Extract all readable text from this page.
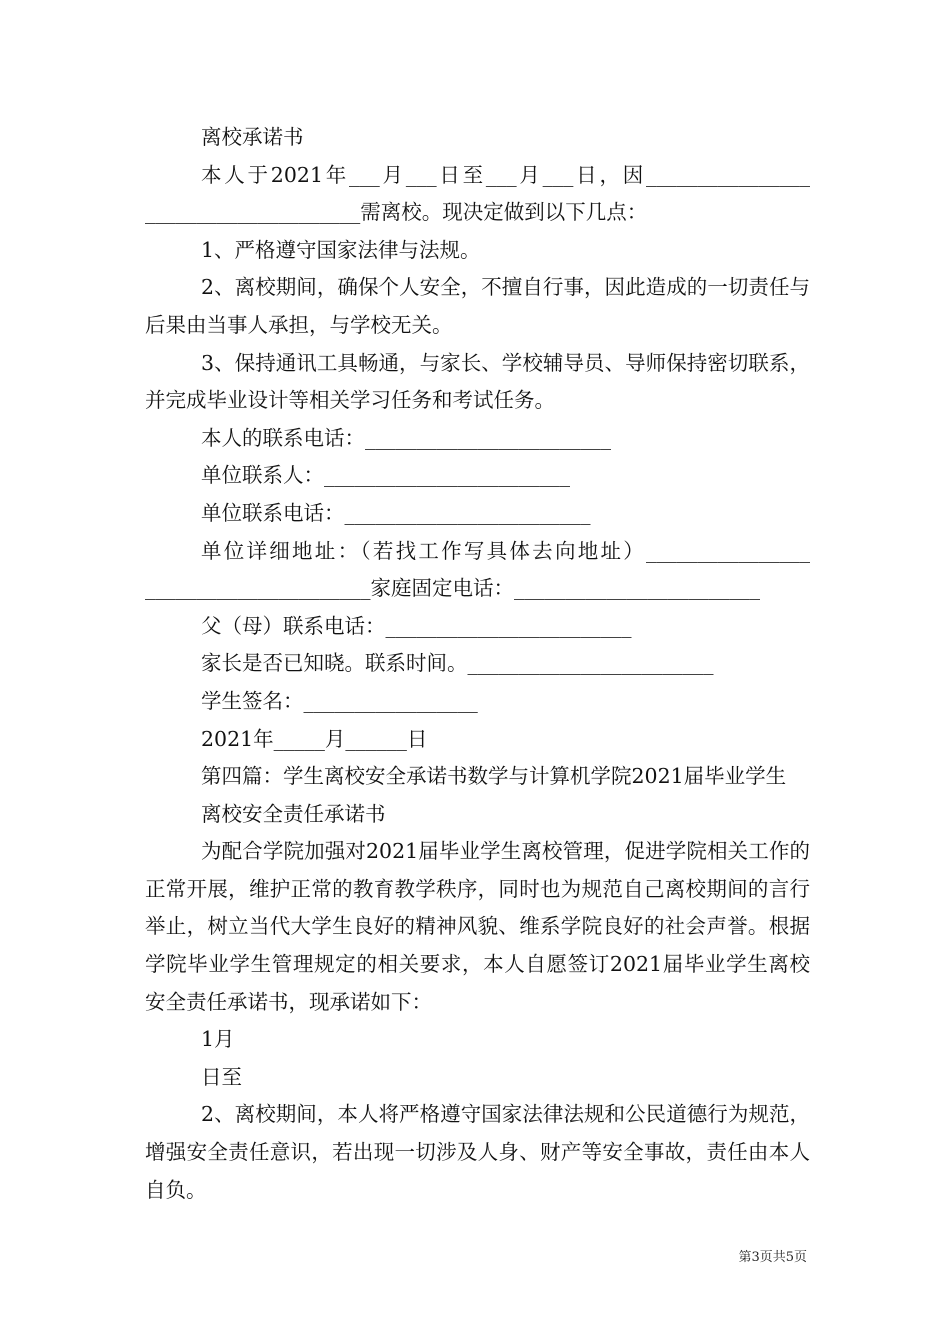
离校承诺书

本人于2021年___月___日至___月___日，因________________ _____________________需离校。现决定做到以下几点：

1、严格遵守国家法律与法规。

2、离校期间，确保个人安全，不擅自行事，因此造成的一切责任与后果由当事人承担，与学校无关。

3、保持通讯工具畅通，与家长、学校辅导员、导师保持密切联系，并完成毕业设计等相关学习任务和考试任务。

本人的联系电话：________________________

单位联系人：________________________

单位联系电话：________________________

单位详细地址：（若找工作写具体去向地址）________________ ______________________家庭固定电话：________________________

父（母）联系电话：________________________

家长是否已知晓。联系时间。________________________

学生签名：_________________

2021年_____月______日

第四篇：学生离校安全承诺书数学与计算机学院2021届毕业学生

离校安全责任承诺书

为配合学院加强对2021届毕业学生离校管理，促进学院相关工作的正常开展，维护正常的教育教学秩序，同时也为规范自己离校期间的言行举止，树立当代大学生良好的精神风貌、维系学院良好的社会声誉。根据学院毕业学生管理规定的相关要求，本人自愿签订2021届毕业学生离校安全责任承诺书，现承诺如下：

1月

日至

2、离校期间，本人将严格遵守国家法律法规和公民道德行为规范，增强安全责任意识，若出现一切涉及人身、财产等安全事故，责任由本人自负。

第3页共5页
